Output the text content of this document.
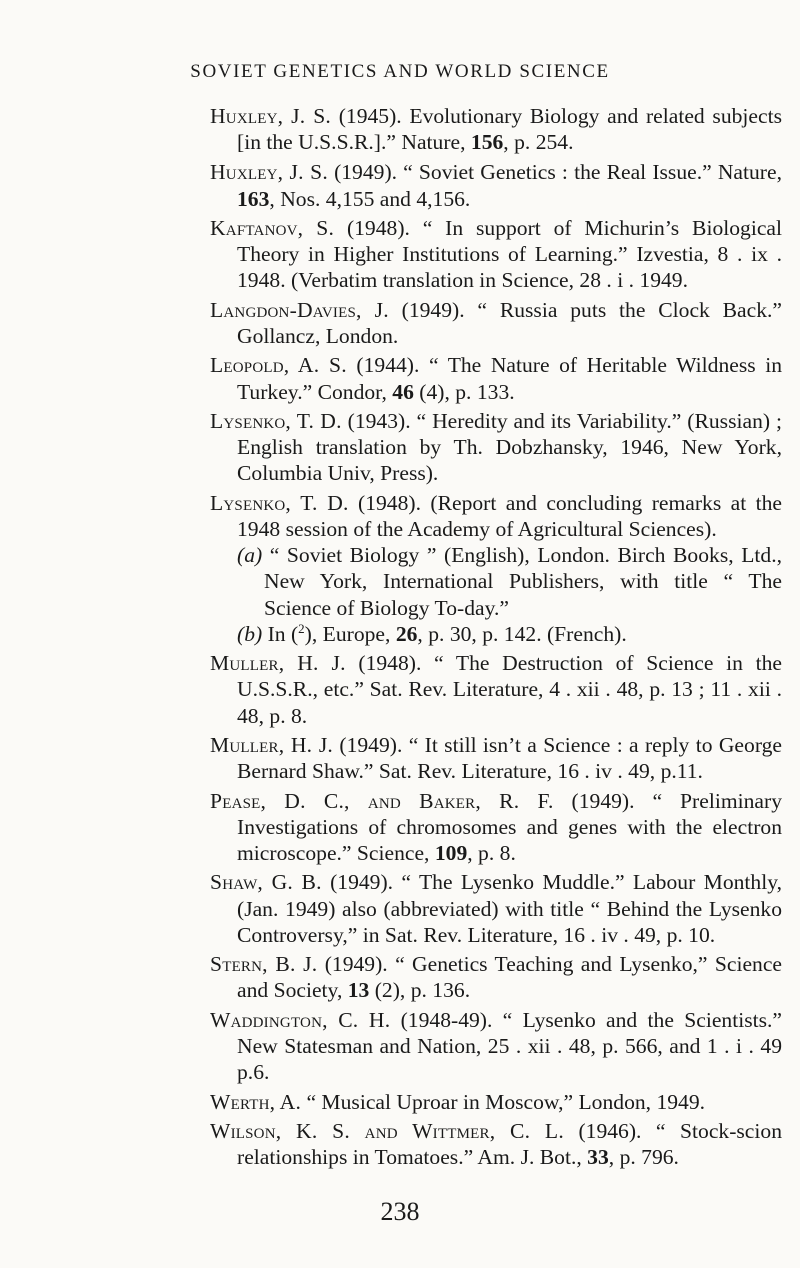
SOVIET GENETICS AND WORLD SCIENCE

Huxley, J. S. (1945). Evolutionary Biology and related subjects [in the U.S.S.R.].” Nature, 156, p. 254.

Huxley, J. S. (1949). “ Soviet Genetics : the Real Issue.” Nature, 163, Nos. 4,155 and 4,156.

Kaftanov, S. (1948). “ In support of Michurin’s Biological Theory in Higher Institutions of Learning.” Izvestia, 8 . ix . 1948. (Verbatim translation in Science, 28 . i . 1949.

Langdon-Davies, J. (1949). “ Russia puts the Clock Back.” Gollancz, London.

Leopold, A. S. (1944). “ The Nature of Heritable Wildness in Turkey.” Condor, 46 (4), p. 133.

Lysenko, T. D. (1943). “ Heredity and its Variability.” (Russian) ; English translation by Th. Dobzhansky, 1946, New York, Columbia Univ, Press).

Lysenko, T. D. (1948). (Report and concluding remarks at the 1948 session of the Academy of Agricultural Sciences).
(a) “ Soviet Biology ” (English), London. Birch Books, Ltd., New York, International Publishers, with title “ The Science of Biology To-day.”
(b) In ($^2$), Europe, 26, p. 30, p. 142. (French).

Muller, H. J. (1948). “ The Destruction of Science in the U.S.S.R., etc.” Sat. Rev. Literature, 4 . xii . 48, p. 13 ; 11 . xii . 48, p. 8.

Muller, H. J. (1949). “ It still isn’t a Science : a reply to George Bernard Shaw.” Sat. Rev. Literature, 16 . iv . 49, p.11.

Pease, D. C., and Baker, R. F. (1949). “ Preliminary Investigations of chromosomes and genes with the electron microscope.” Science, 109, p. 8.

Shaw, G. B. (1949). “ The Lysenko Muddle.” Labour Monthly, (Jan. 1949) also (abbreviated) with title “ Behind the Lysenko Controversy,” in Sat. Rev. Literature, 16 . iv . 49, p. 10.

Stern, B. J. (1949). “ Genetics Teaching and Lysenko,” Science and Society, 13 (2), p. 136.

Waddington, C. H. (1948-49). “ Lysenko and the Scientists.” New Statesman and Nation, 25 . xii . 48, p. 566, and 1 . i . 49 p.6.

Werth, A. “ Musical Uproar in Moscow,” London, 1949.

Wilson, K. S. and Wittmer, C. L. (1946). “ Stock-scion relationships in Tomatoes.” Am. J. Bot., 33, p. 796.

238
